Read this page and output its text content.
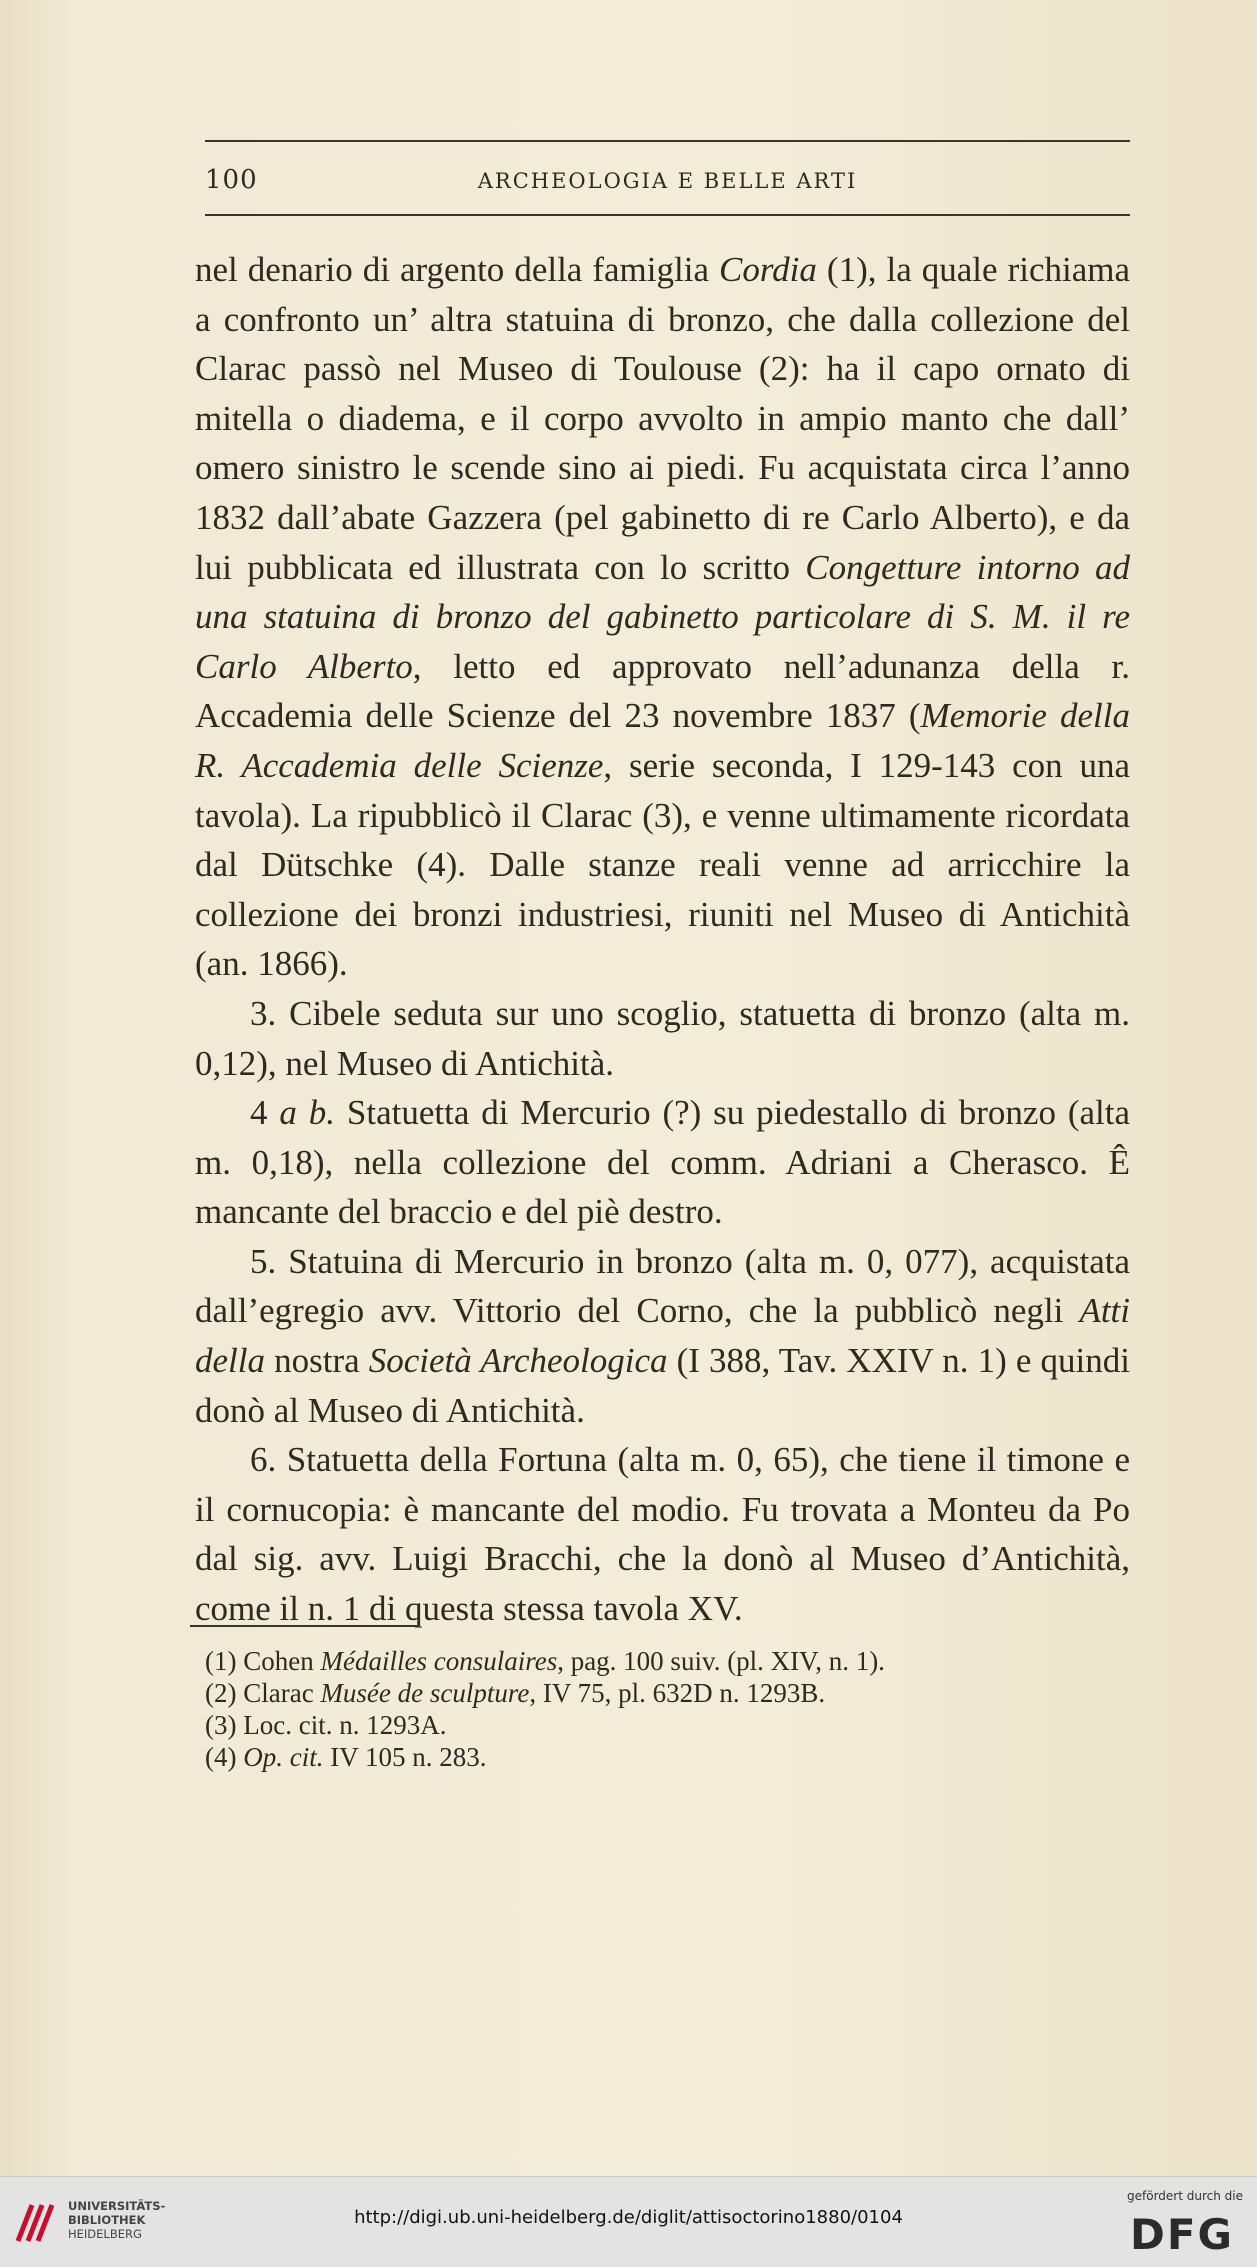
100	ARCHEOLOGIA E BELLE ARTI

nel denario di argento della famiglia Cordia (1), la quale richiama a confronto un’ altra statuina di bronzo, che dalla collezione del Clarac passò nel Museo di Toulouse (2): ha il capo ornato di mitella o diadema, e il corpo avvolto in ampio manto che dall’ omero sinistro le scende sino ai piedi. Fu acquistata circa l’anno 1832 dall’abate Gazzera (pel gabinetto di re Carlo Alberto), e da lui pubblicata ed illustrata con lo scritto Congetture intorno ad una statuina di bronzo del gabinetto particolare di S. M. il re Carlo Alberto, letto ed approvato nell’adunanza della r. Accademia delle Scienze del 23 novembre 1837 (Memorie della R. Accademia delle Scienze, serie seconda, I 129-143 con una tavola). La ripubblicò il Clarac (3), e venne ultimamente ricordata dal Dütschke (4). Dalle stanze reali venne ad arricchire la collezione dei bronzi industriesi, riuniti nel Museo di Antichità (an. 1866).

3. Cibele seduta sur uno scoglio, statuetta di bronzo (alta m. 0,12), nel Museo di Antichità.

4 a b. Statuetta di Mercurio (?) su piedestallo di bronzo (alta m. 0,18), nella collezione del comm. Adriani a Cherasco. Ê mancante del braccio e del piè destro.

5. Statuina di Mercurio in bronzo (alta m. 0, 077), acquistata dall’egregio avv. Vittorio del Corno, che la pubblicò negli Atti della nostra Società Archeologica (I 388, Tav. XXIV n. 1) e quindi donò al Museo di Antichità.

6. Statuetta della Fortuna (alta m. 0, 65), che tiene il timone e il cornucopia: è mancante del modio. Fu trovata a Monteu da Po dal sig. avv. Luigi Bracchi, che la donò al Museo d’Antichità, come il n. 1 di questa stessa tavola XV.

(1) Cohen Médailles consulaires, pag. 100 suiv. (pl. XIV, n. 1).
(2) Clarac Musée de sculpture, IV 75, pl. 632D n. 1293B.
(3) Loc. cit. n. 1293A.
(4) Op. cit. IV 105 n. 283.
UNIVERSITÄTS-
BIBLIOTHEK
HEIDELBERG
http://digi.ub.uni-heidelberg.de/diglit/attisoctorino1880/0104
gefördert durch die
DFG
